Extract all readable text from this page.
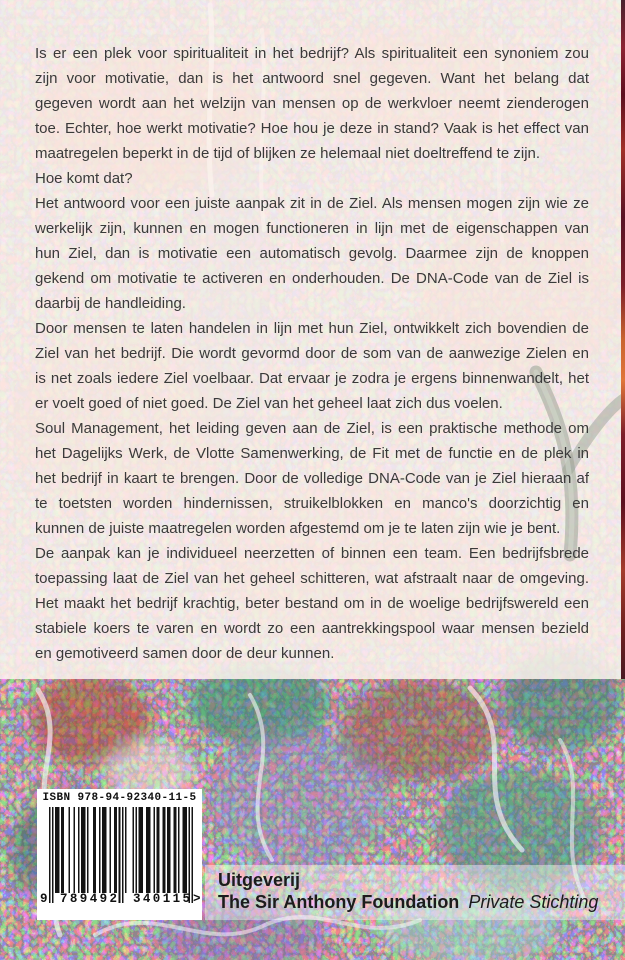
Is er een plek voor spiritualiteit in het bedrijf? Als spiritualiteit een synoniem zou
zijn voor motivatie, dan is het antwoord snel gegeven. Want het belang dat
gegeven wordt aan het welzijn van mensen op de werkvloer neemt zienderogen
toe. Echter, hoe werkt motivatie? Hoe hou je deze in stand? Vaak is het effect van
maatregelen beperkt in de tijd of blijken ze helemaal niet doeltreffend te zijn.
Hoe komt dat?
Het antwoord voor een juiste aanpak zit in de Ziel. Als mensen mogen zijn wie ze
werkelijk zijn, kunnen en mogen functioneren in lijn met de eigenschappen van
hun Ziel, dan is motivatie een automatisch gevolg. Daarmee zijn de knoppen
gekend om motivatie te activeren en onderhouden. De DNA-Code van de Ziel is
daarbij de handleiding.
Door mensen te laten handelen in lijn met hun Ziel, ontwikkelt zich bovendien de
Ziel van het bedrijf. Die wordt gevormd door de som van de aanwezige Zielen en
is net zoals iedere Ziel voelbaar. Dat ervaar je zodra je ergens binnenwandelt, het
er voelt goed of niet goed. De Ziel van het geheel laat zich dus voelen.
Soul Management, het leiding geven aan de Ziel, is een praktische methode om
het Dagelijks Werk, de Vlotte Samenwerking, de Fit met de functie en de plek in
het bedrijf in kaart te brengen. Door de volledige DNA-Code van je Ziel hieraan af
te toetsten worden hindernissen, struikelblokken en manco's doorzichtig en
kunnen de juiste maatregelen worden afgestemd om je te laten zijn wie je bent.
De aanpak kan je individueel neerzetten of binnen een team. Een bedrijfsbrede
toepassing laat de Ziel van het geheel schitteren, wat afstraalt naar de omgeving.
Het maakt het bedrijf krachtig, beter bestand om in de woelige bedrijfswereld een
stabiele koers te varen en wordt zo een aantrekkingspool waar mensen bezield
en gemotiveerd samen door de deur kunnen.
ISBN 978-94-92340-11-5
9 789492 340115 >
Uitgeverij
The Sir Anthony Foundation Private Stichting
